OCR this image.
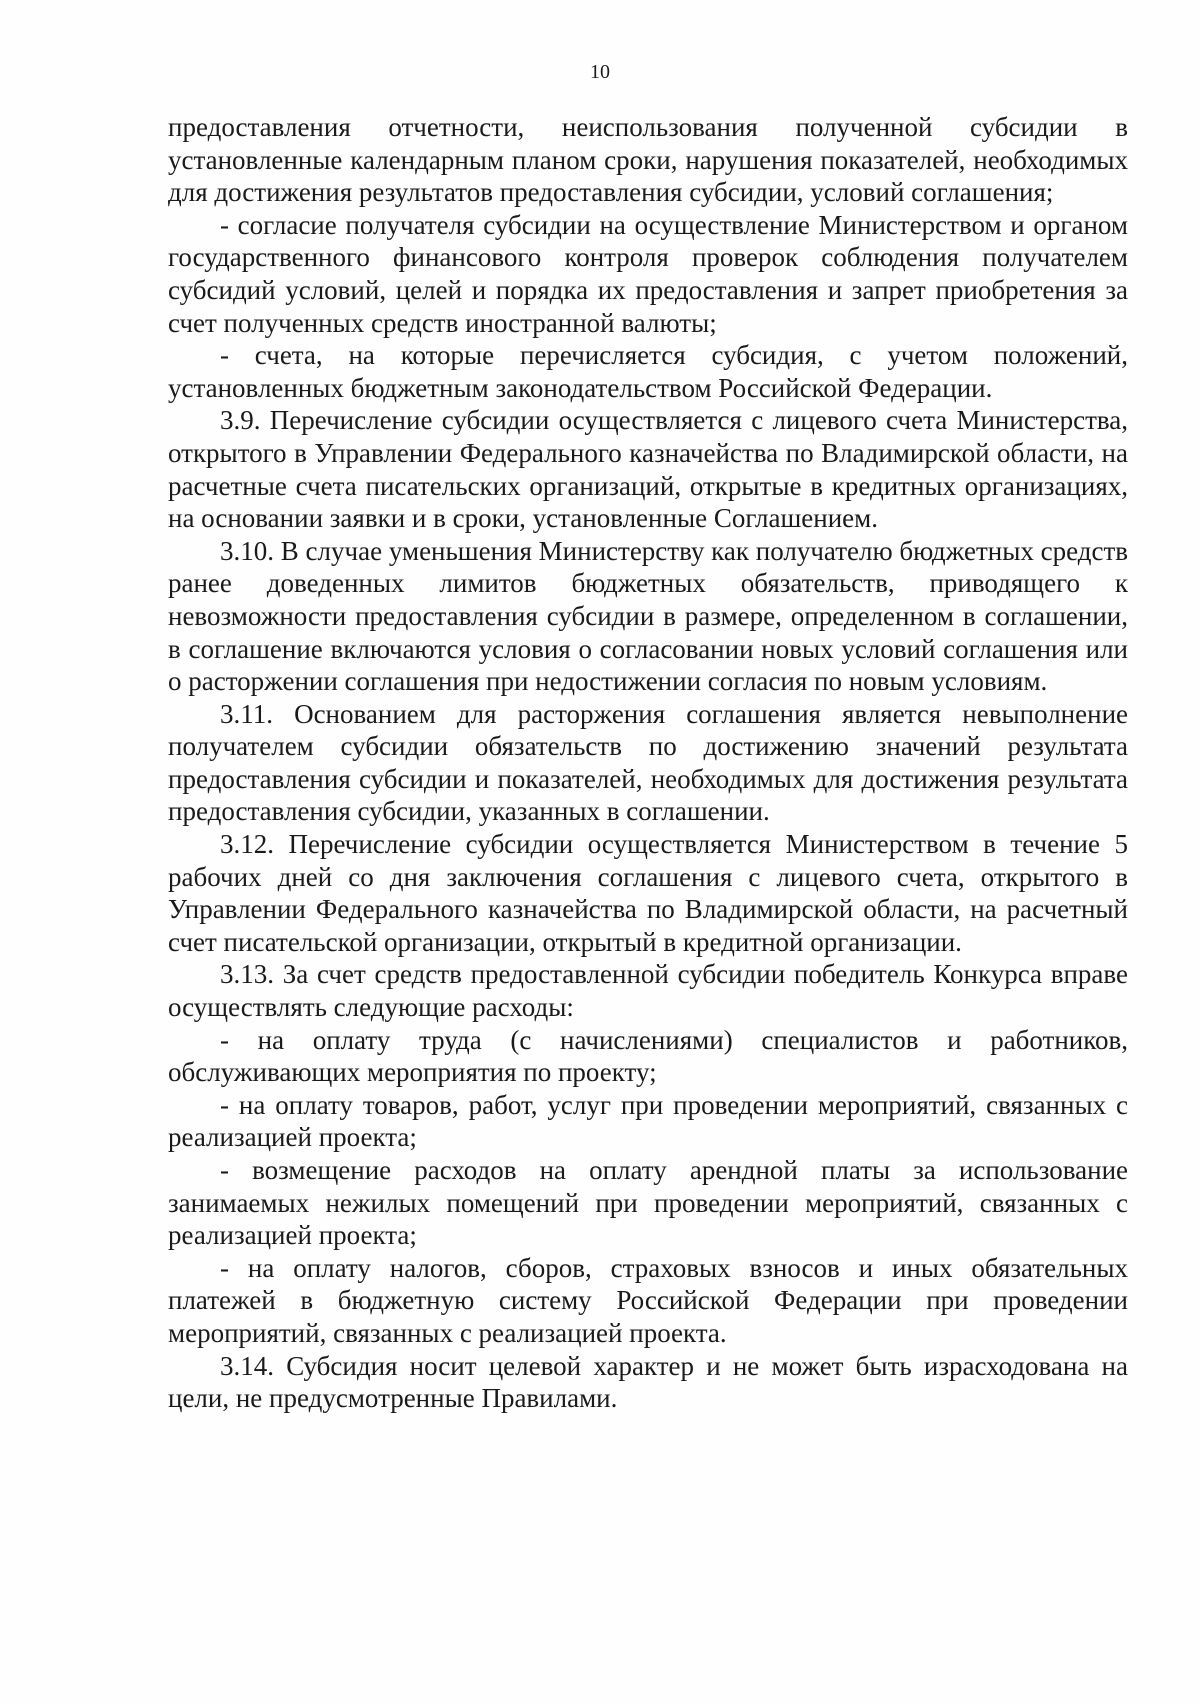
10

предоставления отчетности, неиспользования полученной субсидии в установленные календарным планом сроки, нарушения показателей, необходимых для достижения результатов предоставления субсидии, условий соглашения;

- согласие получателя субсидии на осуществление Министерством и органом государственного финансового контроля проверок соблюдения получателем субсидий условий, целей и порядка их предоставления и запрет приобретения за счет полученных средств иностранной валюты;

- счета, на которые перечисляется субсидия, с учетом положений, установленных бюджетным законодательством Российской Федерации.

3.9. Перечисление субсидии осуществляется с лицевого счета Министерства, открытого в Управлении Федерального казначейства по Владимирской области, на расчетные счета писательских организаций, открытые в кредитных организациях, на основании заявки и в сроки, установленные Соглашением.

3.10. В случае уменьшения Министерству как получателю бюджетных средств ранее доведенных лимитов бюджетных обязательств, приводящего к невозможности предоставления субсидии в размере, определенном в соглашении, в соглашение включаются условия о согласовании новых условий соглашения или о расторжении соглашения при недостижении согласия по новым условиям.

3.11. Основанием для расторжения соглашения является невыполнение получателем субсидии обязательств по достижению значений результата предоставления субсидии и показателей, необходимых для достижения результата предоставления субсидии, указанных в соглашении.

3.12. Перечисление субсидии осуществляется Министерством в течение 5 рабочих дней со дня заключения соглашения с лицевого счета, открытого в Управлении Федерального казначейства по Владимирской области, на расчетный счет писательской организации, открытый в кредитной организации.

3.13. За счет средств предоставленной субсидии победитель Конкурса вправе осуществлять следующие расходы:

- на оплату труда (с начислениями) специалистов и работников, обслуживающих мероприятия по проекту;

- на оплату товаров, работ, услуг при проведении мероприятий, связанных с реализацией проекта;

- возмещение расходов на оплату арендной платы за использование занимаемых нежилых помещений при проведении мероприятий, связанных с реализацией проекта;

- на оплату налогов, сборов, страховых взносов и иных обязательных платежей в бюджетную систему Российской Федерации при проведении мероприятий, связанных с реализацией проекта.

3.14. Субсидия носит целевой характер и не может быть израсходована на цели, не предусмотренные Правилами.
